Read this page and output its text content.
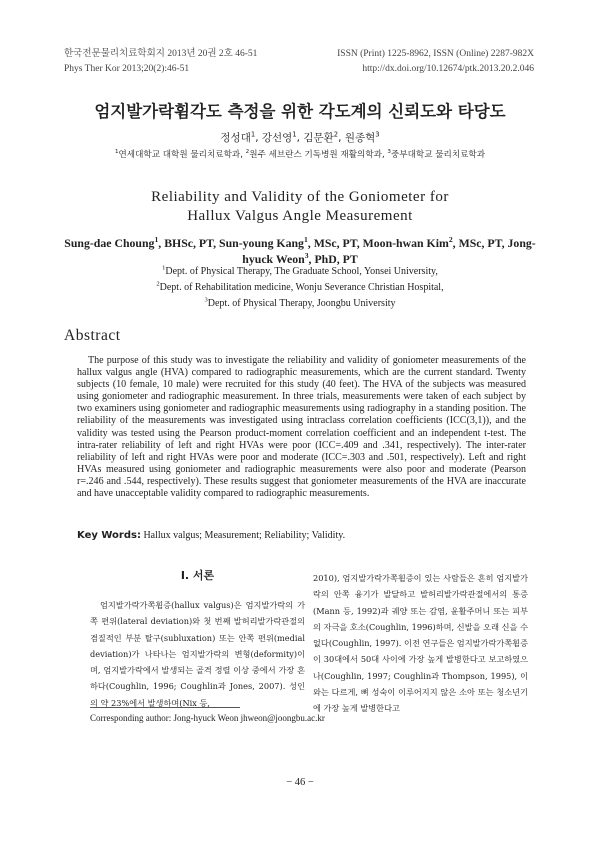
한국전문물리치료학회지 2013년 20권 2호 46-51
Phys Ther Kor 2013;20(2):46-51
ISSN (Print) 1225-8962, ISSN (Online) 2287-982X
http://dx.doi.org/10.12674/ptk.2013.20.2.046
엄지발가락휨각도 측정을 위한 각도계의 신뢰도와 타당도
정성대$^1$, 강선영$^1$, 김문환$^2$, 원종혁$^3$
$^1$연세대학교 대학원 물리치료학과, $^2$원주 세브란스 기독병원 재활의학과, $^3$중부대학교 물리치료학과
Reliability and Validity of the Goniometer for
Hallux Valgus Angle Measurement
Sung-dae Choung$^1$, BHSc, PT, Sun-young Kang$^1$, MSc, PT, Moon-hwan Kim$^2$, MSc, PT, Jong-hyuck Weon$^3$, PhD, PT
$^1$Dept. of Physical Therapy, The Graduate School, Yonsei University,
$^2$Dept. of Rehabilitation medicine, Wonju Severance Christian Hospital,
$^3$Dept. of Physical Therapy, Joongbu University
Abstract

The purpose of this study was to investigate the reliability and validity of goniometer measurements of the hallux valgus angle (HVA) compared to radiographic measurements, which are the current standard. Twenty subjects (10 female, 10 male) were recruited for this study (40 feet). The HVA of the subjects was measured using goniometer and radiographic measurement. In three trials, measurements were taken of each subject by two examiners using goniometer and radiographic measurements using radiography in a standing position. The reliability of the measurements was investigated using intraclass correlation coefficients (ICC(3,1)), and the validity was tested using the Pearson product-moment correlation coefficient and an independent t-test. The intra-rater reliability of left and right HVAs were poor (ICC=.409 and .341, respectively). The inter-rater reliability of left and right HVAs were poor and moderate (ICC=.303 and .501, respectively). Left and right HVAs measured using goniometer and radiographic measurements were also poor and moderate (Pearson r=.246 and .544, respectively). These results suggest that goniometer measurements of the HVA are inaccurate and have unacceptable validity compared to radiographic measurements.

Key Words: Hallux valgus; Measurement; Reliability; Validity.
Ⅰ. 서론

엄지발가락가쪽휨증(hallux valgus)은 엄지발가락의 가쪽 편위(lateral deviation)와 첫 번째 발허리발가락관절의 겸질적인 부분 탈구(subluxation) 또는 안쪽 편위(medial deviation)가 나타나는 엄지발가락의 변형(deformity)이며, 엄지발가락에서 발생되는 골격 정렬 이상 중에서 가장 흔하다(Coughlin, 1996; Coughlin과 Jones, 2007). 성인의 약 23%에서 발생하며(Nix 등,

2010), 엄지발가락가쪽휨증이 있는 사람들은 흔히 엄지발가락의 안쪽 융기가 발달하고 발허리발가락관절에서의 통증(Mann 등, 1992)과 궤양 또는 감염, 윤활주머니 또는 피부의 자극을 호소(Coughlin, 1996)하며, 신발을 오래 신을 수 없다(Coughlin, 1997). 이전 연구들은 엄지발가락가쪽휨증이 30대에서 50대 사이에 가장 높게 발병한다고 보고하였으나(Coughlin, 1997; Coughlin과 Thompson, 1995), 이와는 다르게, 뼈 성숙이 이루어지지 않은 소아 또는 청소년기에 가장 높게 발병한다고

Corresponding author: Jong-hyuck Weon jhweon@joongbu.ac.kr
− 46 −
